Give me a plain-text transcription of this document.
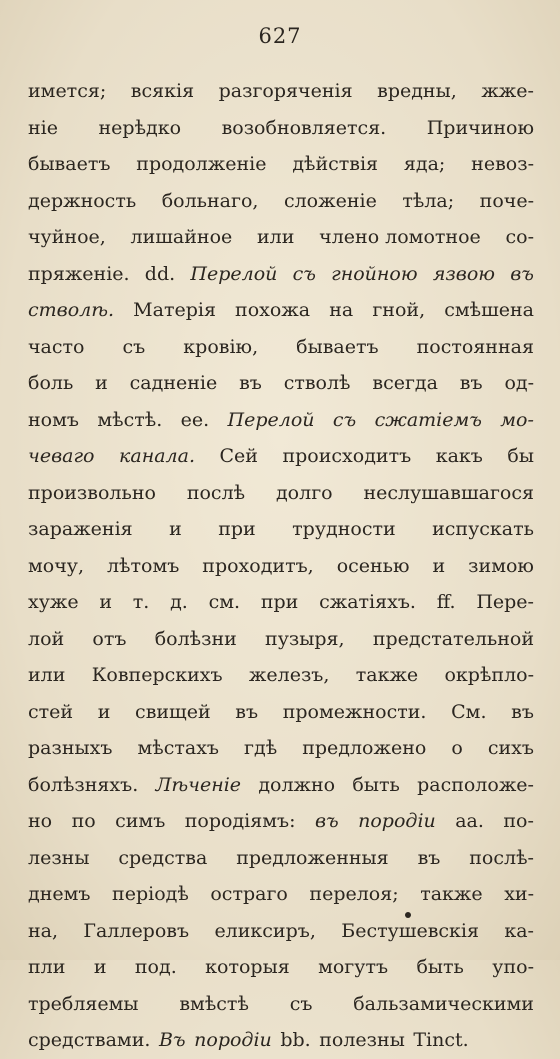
627
имется; всякія разгоряченія вредны, жже-
ніе нерѣдко возобновляется. Причиною
бываетъ продолженіе дѣйствія яда; невоз-
держность больнаго, сложеніе тѣла; поче-
чуйное, лишайное или члено ломотное со-
пряженіе. dd. Перелой съ гнойною язвою въ
стволѣ. Матерія похожа на гной, смѣшена
часто съ кровію, бываетъ постоянная
боль и садненіе въ стволѣ всегда въ од-
номъ мѣстѣ. ее. Перелой съ сжатіемъ мо-
чеваго канала. Сей происходитъ какъ бы
произвольно послѣ долго неслушавшагося
зараженія и при трудности испускать
мочу, лѣтомъ проходитъ, осенью и зимою
хуже и т. д. см. при сжатіяхъ. ff. Пере-
лой отъ болѣзни пузыря, предстательной
или Ковперскихъ железъ, также окрѣпло-
стей и свищей въ промежности. См. въ
разныхъ мѣстахъ гдѣ предложено о сихъ
болѣзняхъ. Лѣченіе должно быть расположе-
но по симъ породіямъ: въ породіи аа. по-
лезны средства предложенныя въ послѣ-
днемъ періодѣ остраго перелоя; также хи-
на, Галлеровъ еликсиръ, Бестушевскія ка-
пли и под. которыя могутъ быть упо-
требляемы вмѣстѣ съ бальзамическими
средствами. Въ породіи bb. полезны Tinct.
